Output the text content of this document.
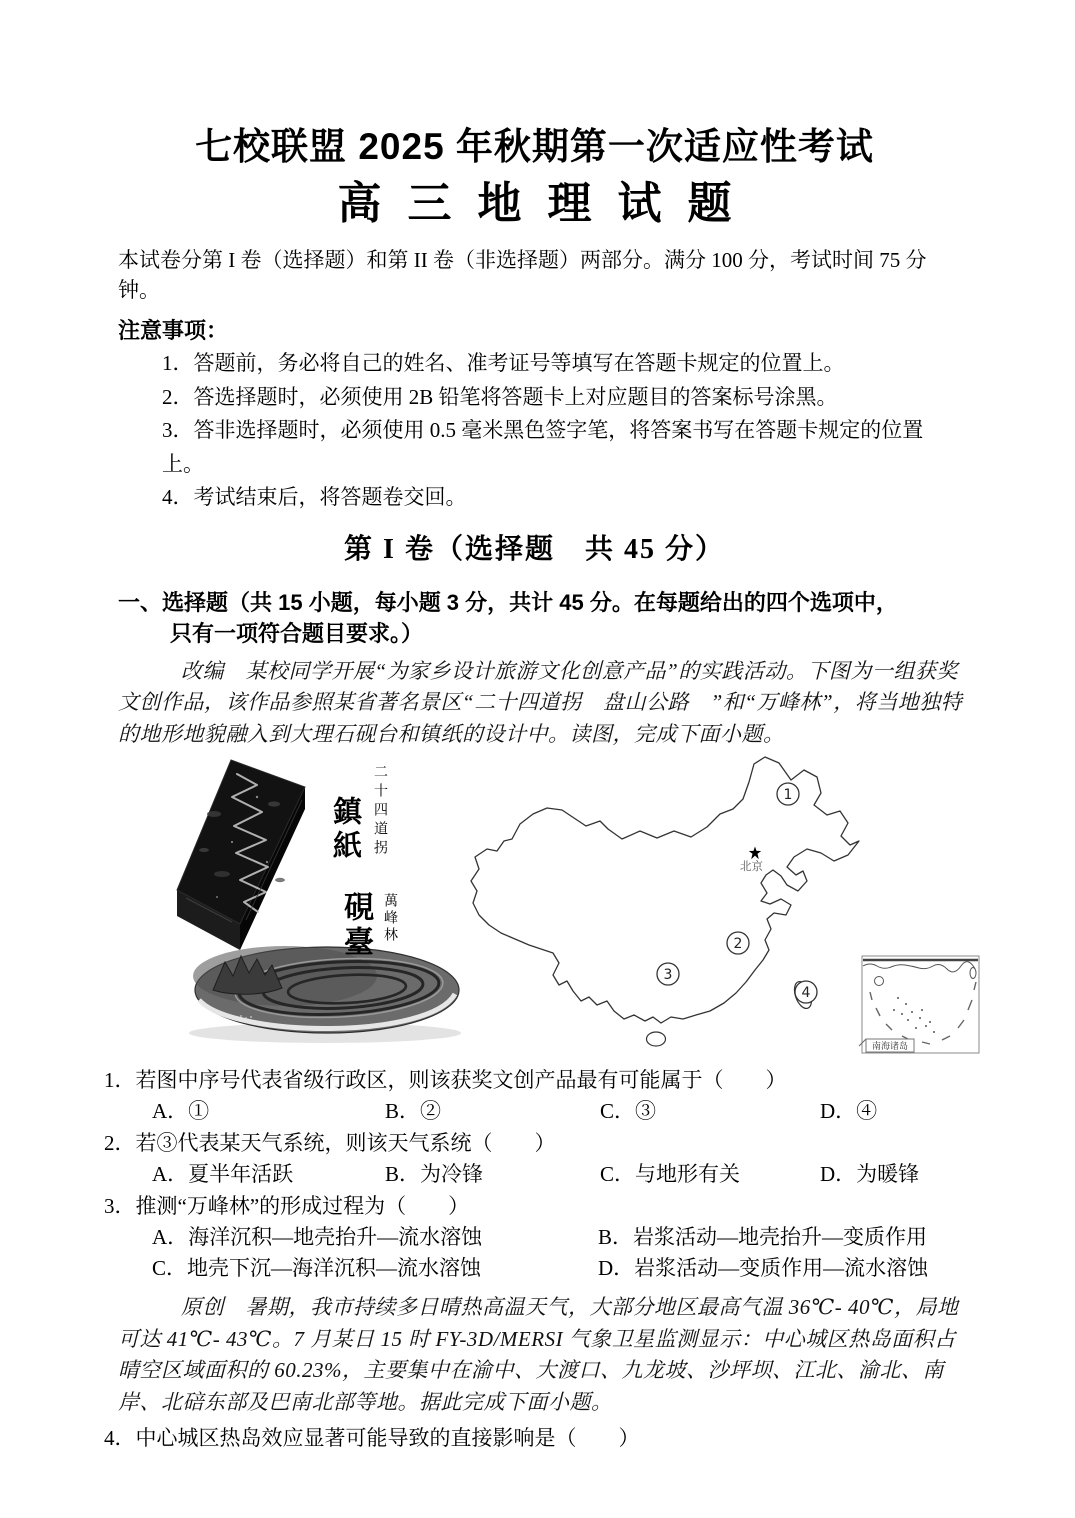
七校联盟 2025 年秋期第一次适应性考试
高三地理试题

本试卷分第 I 卷（选择题）和第 II 卷（非选择题）两部分。满分 100 分，考试时间 75 分钟。

注意事项：
1．答题前，务必将自己的姓名、准考证号等填写在答题卡规定的位置上。
2．答选择题时，必须使用 2B 铅笔将答题卡上对应题目的答案标号涂黑。
3．答非选择题时，必须使用 0.5 毫米黑色签字笔，将答案书写在答题卡规定的位置上。
4．考试结束后，将答题卷交回。
第 I 卷（选择题　共 45 分）
一、选择题（共 15 小题，每小题 3 分，共计 45 分。在每题给出的四个选项中，
只有一项符合题目要求。）

改编　某校同学开展“为家乡设计旅游文化创意产品”的实践活动。下图为一组获奖文创作品，该作品参照某省著名景区“二十四道拐　盘山公路　”和“万峰林”，将当地独特的地形地貌融入到大理石砚台和镇纸的设计中。读图，完成下面小题。

二十四道拐
鎮紙
硯臺 萬峰林
北京
1
2
3
4
南海诸岛
1．若图中序号代表省级行政区，则该获奖文创产品最有可能属于（　　）
A．①	B．②	C．③	D．④
2．若③代表某天气系统，则该天气系统（　　）
A．夏半年活跃	B．为冷锋	C．与地形有关	D．为暖锋
3．推测“万峰林”的形成过程为（　　）
A．海洋沉积—地壳抬升—流水溶蚀	B．岩浆活动—地壳抬升—变质作用
C．地壳下沉—海洋沉积—流水溶蚀	D．岩浆活动—变质作用—流水溶蚀

原创　暑期，我市持续多日晴热高温天气，大部分地区最高气温 36℃- 40℃，局地可达 41℃- 43℃。7 月某日 15 时 FY-3D/MERSI 气象卫星监测显示：中心城区热岛面积占晴空区域面积的 60.23%，主要集中在渝中、大渡口、九龙坡、沙坪坝、江北、渝北、南岸、北碚东部及巴南北部等地。据此完成下面小题。

4．中心城区热岛效应显著可能导致的直接影响是（　　）
